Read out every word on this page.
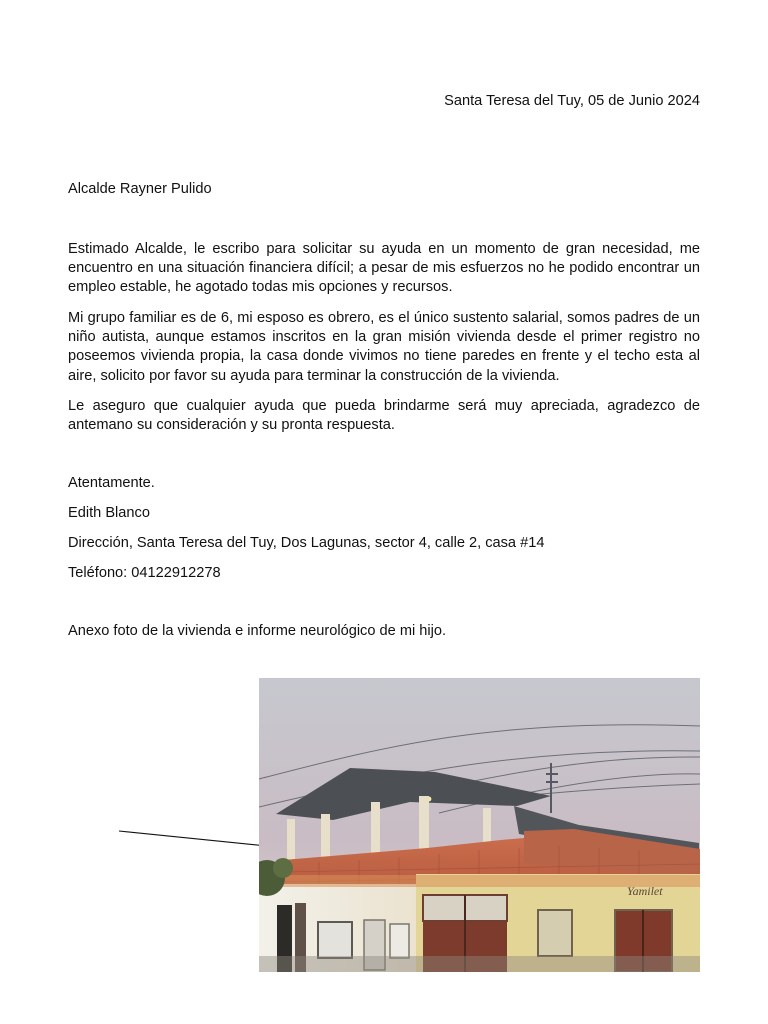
Santa Teresa del Tuy, 05 de Junio 2024
Alcalde Rayner Pulido
Estimado Alcalde, le escribo para solicitar su ayuda en un momento de gran necesidad, me encuentro en una situación financiera difícil; a pesar de mis esfuerzos no he podido encontrar un empleo estable, he agotado todas mis opciones y recursos.
Mi grupo familiar es de 6, mi esposo es obrero, es el único sustento salarial, somos padres de un niño autista, aunque estamos inscritos en la gran misión vivienda desde el primer registro no poseemos vivienda propia, la casa donde vivimos no tiene paredes en frente y el techo esta al aire, solicito por favor su ayuda para terminar la construcción de la vivienda.
Le aseguro que cualquier ayuda que pueda brindarme será muy apreciada, agradezco de antemano su consideración y su pronta respuesta.
Atentamente.
Edith Blanco
Dirección, Santa Teresa del Tuy, Dos Lagunas, sector 4, calle 2, casa #14
Teléfono: 04122912278
Anexo foto de la vivienda e informe neurológico de mi hijo.
Yamilet
